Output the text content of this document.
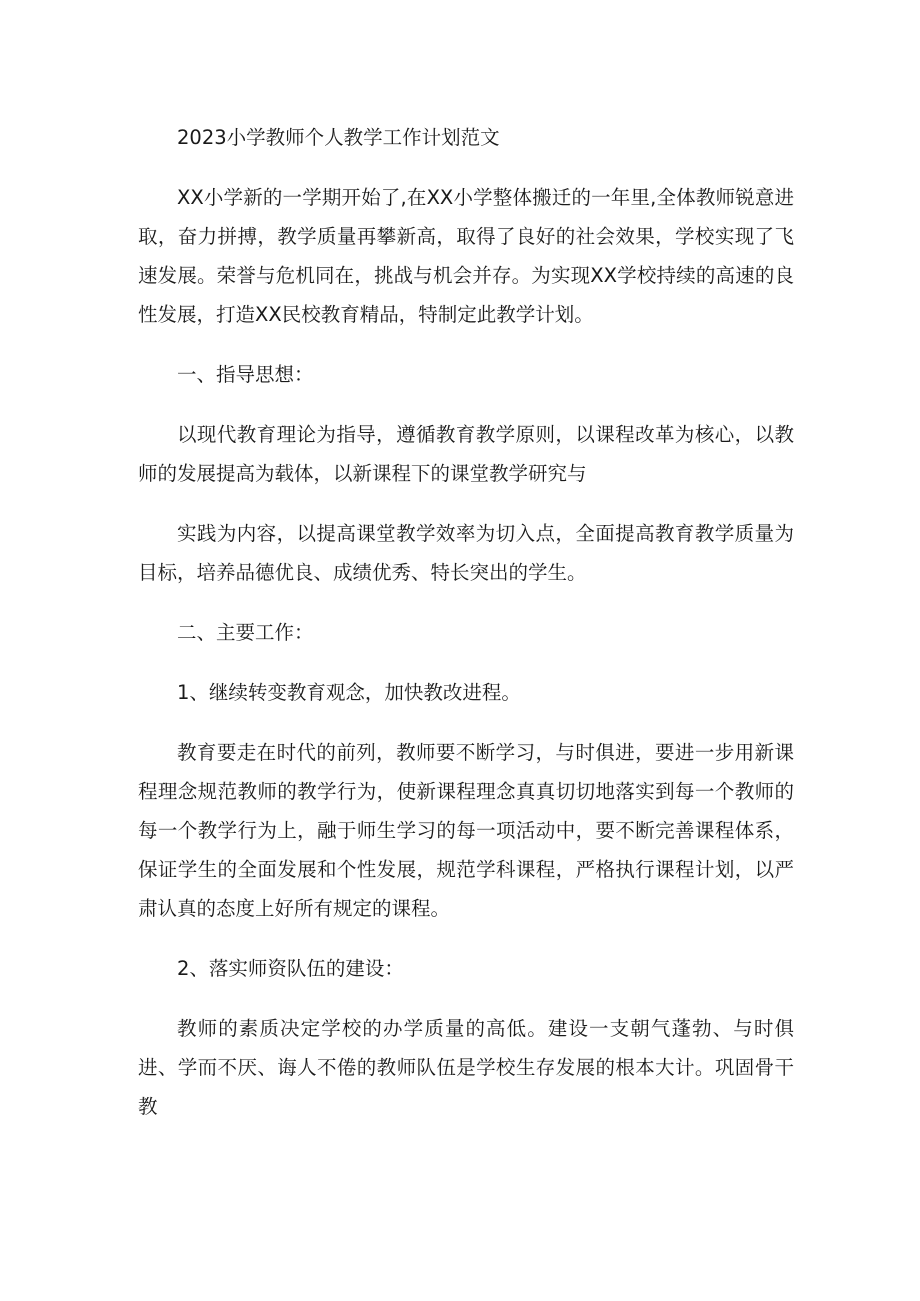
2023小学教师个人教学工作计划范文

XX小学新的一学期开始了,在XX小学整体搬迁的一年里,全体教师锐意进取，奋力拼搏，教学质量再攀新高，取得了良好的社会效果，学校实现了飞速发展。荣誉与危机同在，挑战与机会并存。为实现XX学校持续的高速的良性发展，打造XX民校教育精品，特制定此教学计划。

一、指导思想：

以现代教育理论为指导，遵循教育教学原则，以课程改革为核心，以教师的发展提高为载体，以新课程下的课堂教学研究与

实践为内容，以提高课堂教学效率为切入点，全面提高教育教学质量为目标，培养品德优良、成绩优秀、特长突出的学生。

二、主要工作：

1、继续转变教育观念，加快教改进程。

教育要走在时代的前列，教师要不断学习，与时俱进，要进一步用新课程理念规范教师的教学行为，使新课程理念真真切切地落实到每一个教师的每一个教学行为上，融于师生学习的每一项活动中，要不断完善课程体系，保证学生的全面发展和个性发展，规范学科课程，严格执行课程计划，以严肃认真的态度上好所有规定的课程。

2、落实师资队伍的建设：

教师的素质决定学校的办学质量的高低。建设一支朝气蓬勃、与时俱进、学而不厌、诲人不倦的教师队伍是学校生存发展的根本大计。巩固骨干教
